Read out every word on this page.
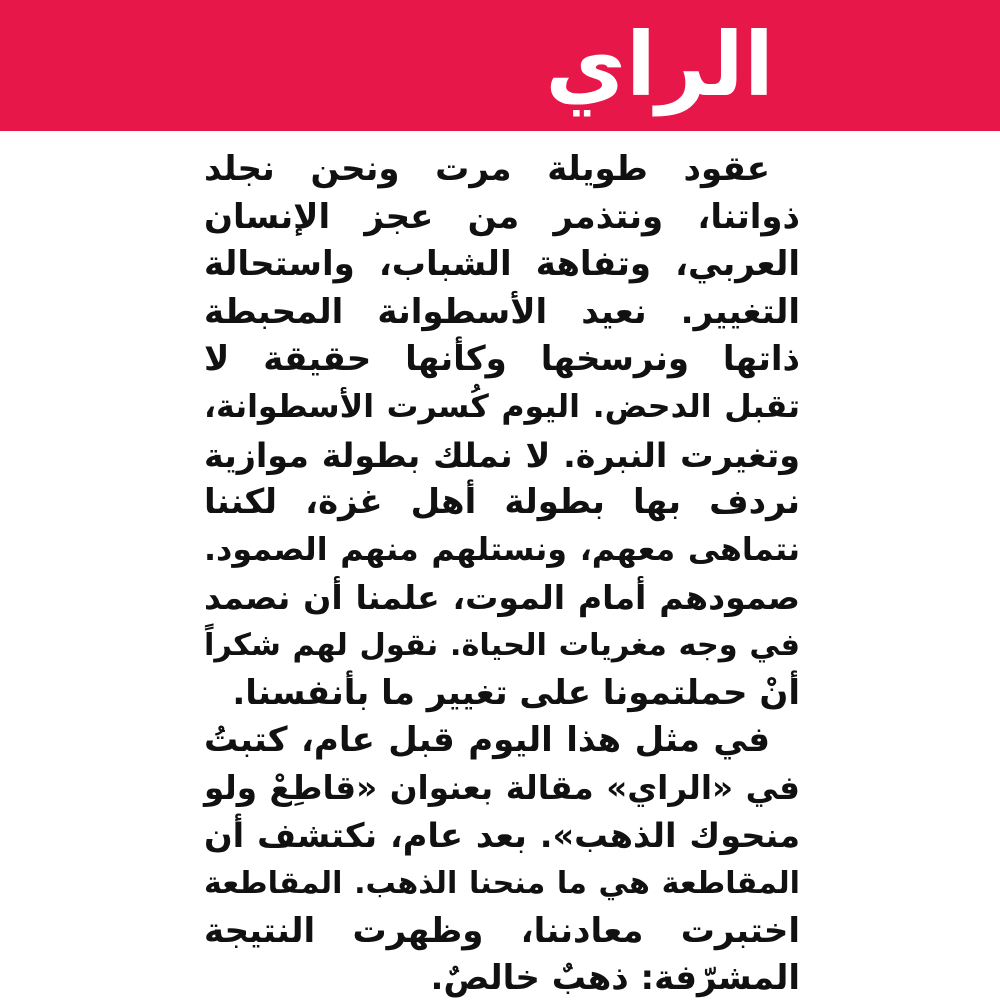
الراي
عقود طويلة مرت ونحن نجلد
ذواتنا، ونتذمر من عجز الإنسان
العربي، وتفاهة الشباب، واستحالة
التغيير. نعيد الأسطوانة المحبطة
ذاتها ونرسخها وكأنها حقيقة لا
تقبل الدحض. اليوم كُسرت الأسطوانة،
وتغيرت النبرة. لا نملك بطولة موازية
نردف بها بطولة أهل غزة، لكننا
نتماهى معهم، ونستلهم منهم الصمود.
صمودهم أمام الموت، علمنا أن نصمد
في وجه مغريات الحياة. نقول لهم شكراً
أنْ حملتمونا على تغيير ما بأنفسنا.
في مثل هذا اليوم قبل عام، كتبتُ
في «الراي» مقالة بعنوان «قاطِعْ ولو
منحوك الذهب». بعد عام، نكتشف أن
المقاطعة هي ما منحنا الذهب. المقاطعة
اختبرت معادننا، وظهرت النتيجة
المشرّفة: ذهبٌ خالصٌ.
